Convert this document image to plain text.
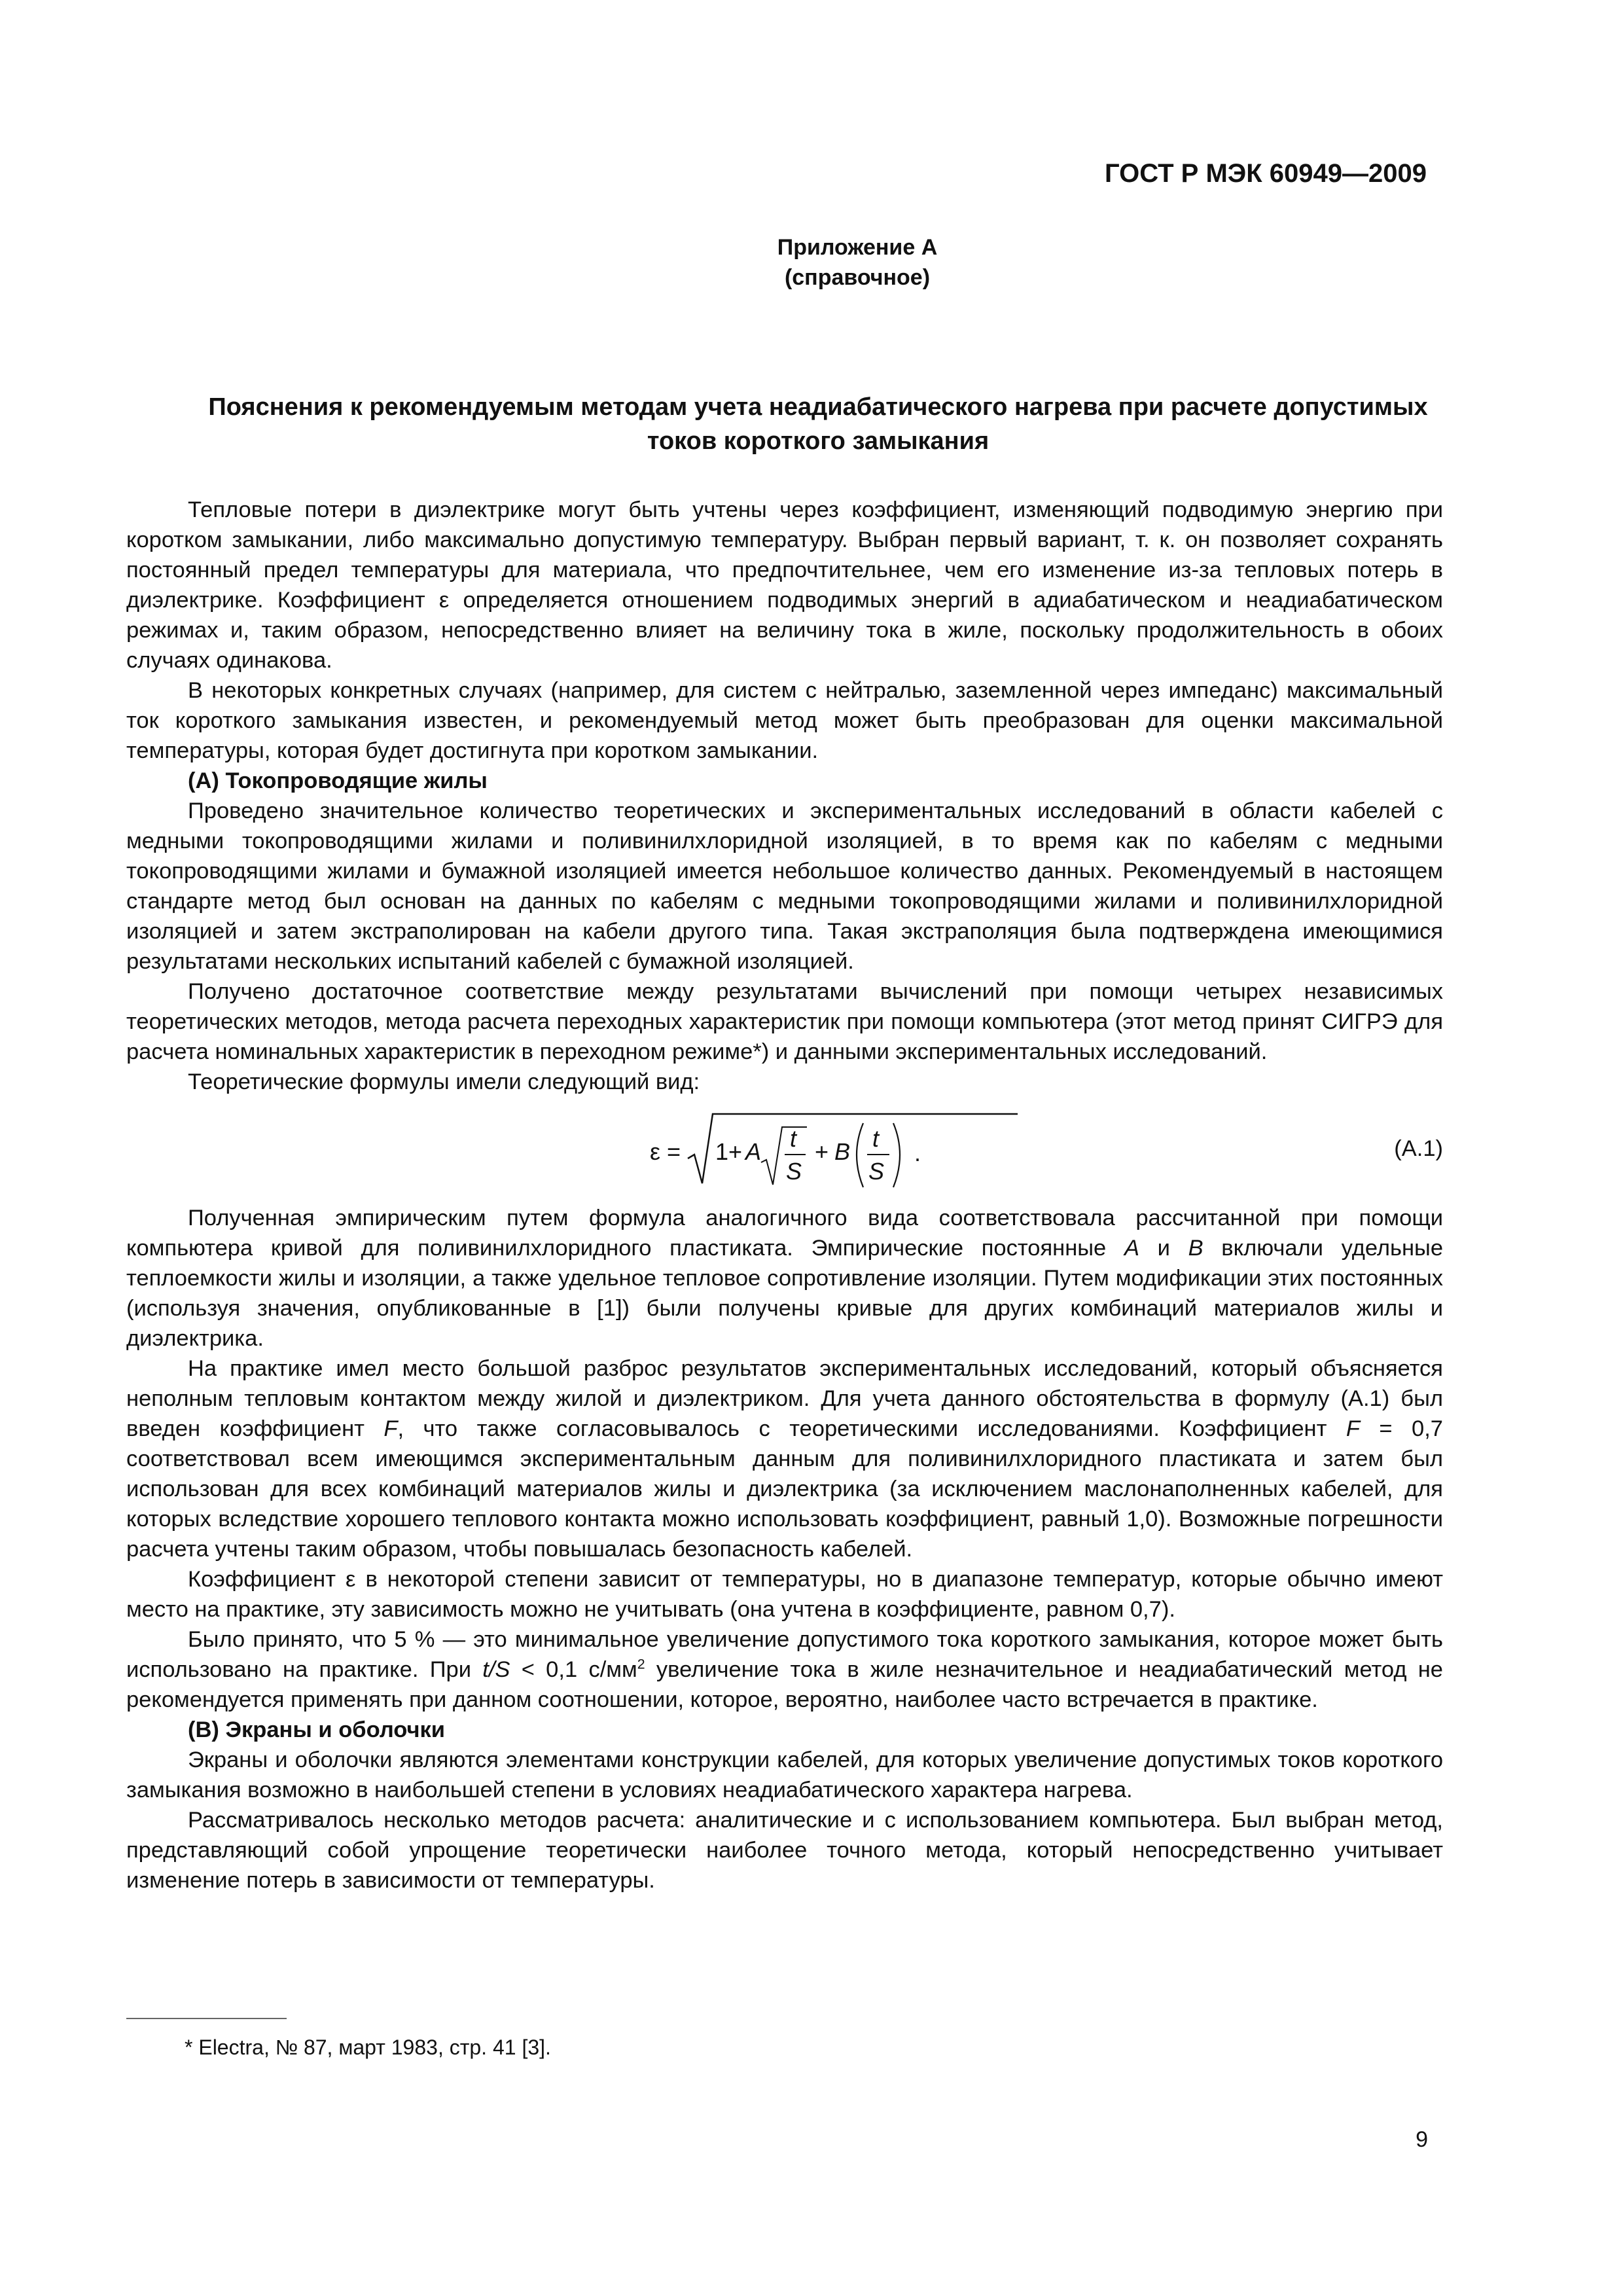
ГОСТ Р МЭК 60949—2009
Приложение А
(справочное)
Пояснения к рекомендуемым методам учета неадиабатического нагрева при расчете допустимых токов короткого замыкания

Тепловые потери в диэлектрике могут быть учтены через коэффициент, изменяющий подводимую энергию при коротком замыкании, либо максимально допустимую температуру. Выбран первый вариант, т. к. он позволяет сохранять постоянный предел температуры для материала, что предпочтительнее, чем его изменение из-за тепловых потерь в диэлектрике. Коэффициент ε определяется отношением подводимых энергий в адиабатическом и неадиабатическом режимах и, таким образом, непосредственно влияет на величину тока в жиле, поскольку продолжительность в обоих случаях одинакова.

В некоторых конкретных случаях (например, для систем с нейтралью, заземленной через импеданс) максимальный ток короткого замыкания известен, и рекомендуемый метод может быть преобразован для оценки максимальной температуры, которая будет достигнута при коротком замыкании.

(А) Токопроводящие жилы

Проведено значительное количество теоретических и экспериментальных исследований в области кабелей с медными токопроводящими жилами и поливинилхлоридной изоляцией, в то время как по кабелям с медными токопроводящими жилами и бумажной изоляцией имеется небольшое количество данных. Рекомендуемый в настоящем стандарте метод был основан на данных по кабелям с медными токопроводящими жилами и поливинилхлоридной изоляцией и затем экстраполирован на кабели другого типа. Такая экстраполяция была подтверждена имеющимися результатами нескольких испытаний кабелей с бумажной изоляцией.

Получено достаточное соответствие между результатами вычислений при помощи четырех независимых теоретических методов, метода расчета переходных характеристик при помощи компьютера (этот метод принят СИГРЭ для расчета номинальных характеристик в переходном режиме*) и данными экспериментальных исследований.

Теоретические формулы имели следующий вид:

ε = 1+ A t
S
+ B t
S
.	(А.1)

Полученная эмпирическим путем формула аналогичного вида соответствовала рассчитанной при помощи компьютера кривой для поливинилхлоридного пластиката. Эмпирические постоянные A и B включали удельные теплоемкости жилы и изоляции, а также удельное тепловое сопротивление изоляции. Путем модификации этих постоянных (используя значения, опубликованные в [1]) были получены кривые для других комбинаций материалов жилы и диэлектрика.

На практике имел место большой разброс результатов экспериментальных исследований, который объясняется неполным тепловым контактом между жилой и диэлектриком. Для учета данного обстоятельства в формулу (А.1) был введен коэффициент F, что также согласовывалось с теоретическими исследованиями. Коэффициент F = 0,7 соответствовал всем имеющимся экспериментальным данным для поливинилхлоридного пластиката и затем был использован для всех комбинаций материалов жилы и диэлектрика (за исключением маслонаполненных кабелей, для которых вследствие хорошего теплового контакта можно использовать коэффициент, равный 1,0). Возможные погрешности расчета учтены таким образом, чтобы повышалась безопасность кабелей.

Коэффициент ε в некоторой степени зависит от температуры, но в диапазоне температур, которые обычно имеют место на практике, эту зависимость можно не учитывать (она учтена в коэффициенте, равном 0,7).

Было принято, что 5 % — это минимальное увеличение допустимого тока короткого замыкания, которое может быть использовано на практике. При t/S < 0,1 $с/мм^2$ увеличение тока в жиле незначительное и неадиабатический метод не рекомендуется применять при данном соотношении, которое, вероятно, наиболее часто встречается в практике.

(В) Экраны и оболочки

Экраны и оболочки являются элементами конструкции кабелей, для которых увеличение допустимых токов короткого замыкания возможно в наибольшей степени в условиях неадиабатического характера нагрева.

Рассматривалось несколько методов расчета: аналитические и с использованием компьютера. Был выбран метод, представляющий собой упрощение теоретически наиболее точного метода, который непосредственно учитывает изменение потерь в зависимости от температуры.

* Electra, № 87, март 1983, стр. 41 [3].
9
